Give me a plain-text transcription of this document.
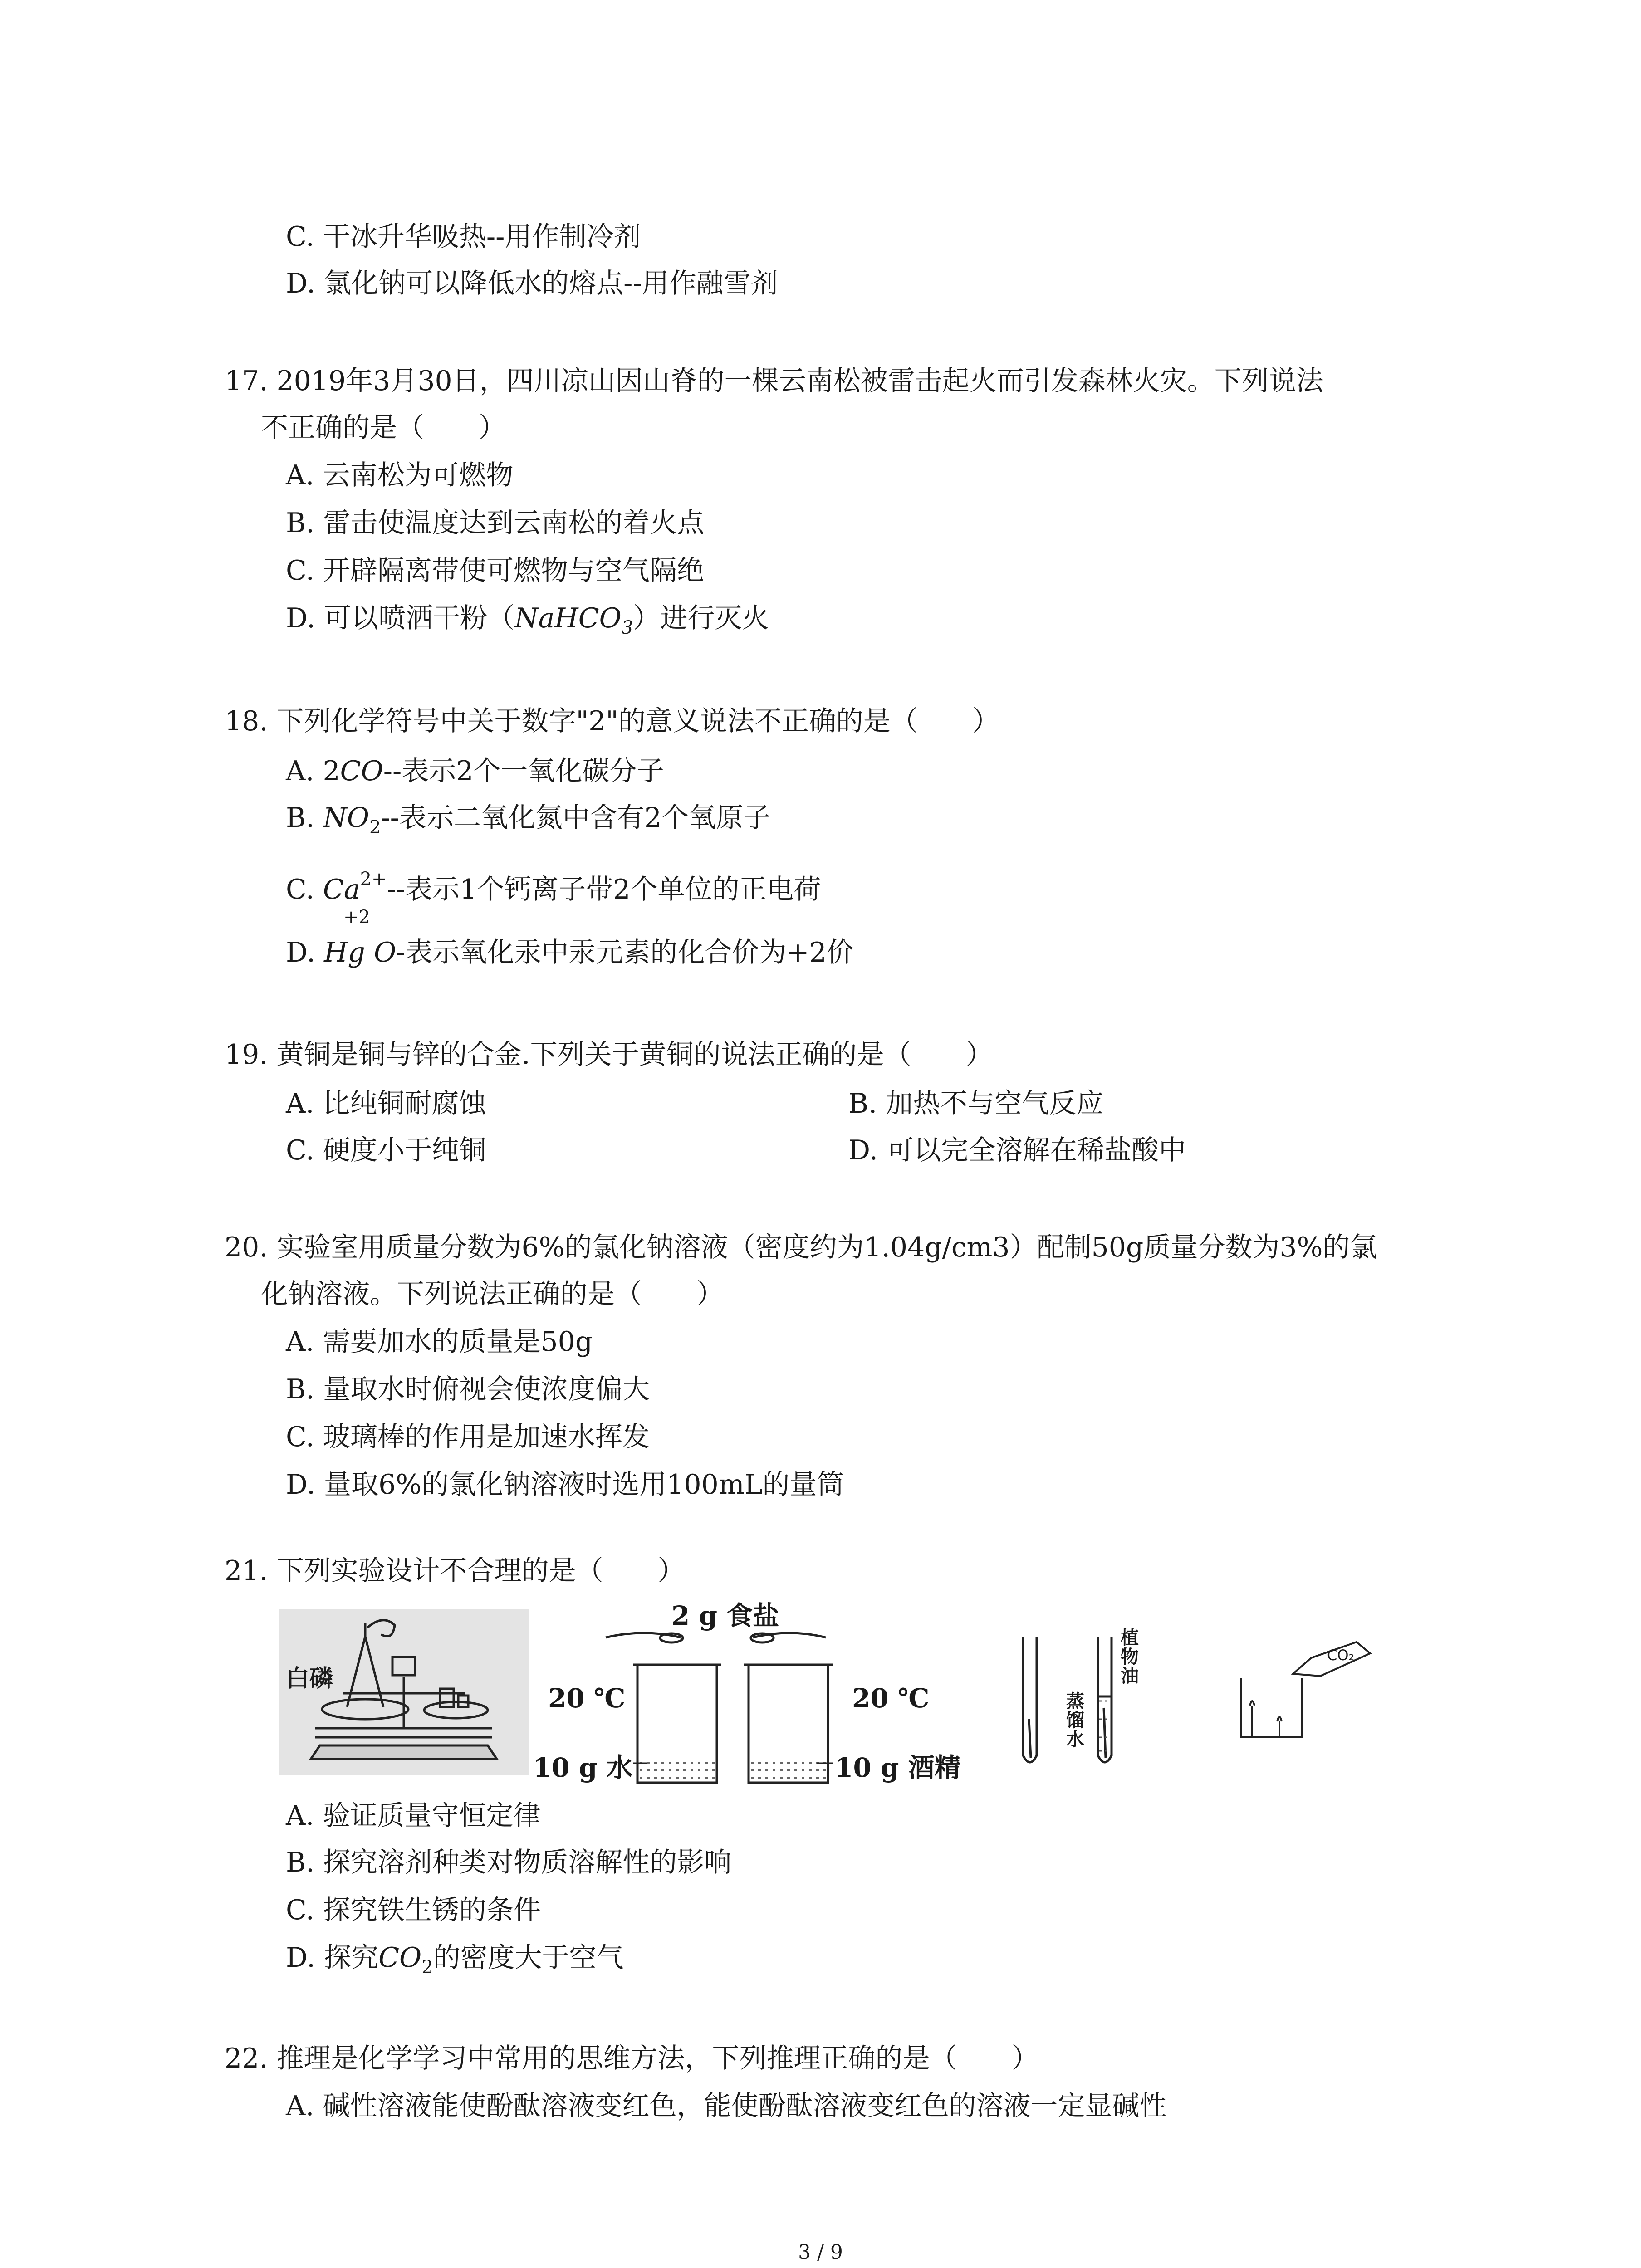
C. 干冰升华吸热--用作制冷剂
D. 氯化钠可以降低水的熔点--用作融雪剂
17. 2019年3月30日，四川凉山因山脊的一棵云南松被雷击起火而引发森林火灾。下列说法
不正确的是（　　）
A. 云南松为可燃物
B. 雷击使温度达到云南松的着火点
C. 开辟隔离带使可燃物与空气隔绝
D. 可以喷洒干粉（NaHCO$_3$）进行灭火
18. 下列化学符号中关于数字"2"的意义说法不正确的是（　　）
A. 2CO--表示2个一氧化碳分子
B. $NO_2--$表示二氧化氮中含有2个氧原子
C. $Ca^{2+}--$表示1个钙离子带2个单位的正电荷
+2
D. Hg O-表示氧化汞中汞元素的化合价为+2价
19. 黄铜是铜与锌的合金.下列关于黄铜的说法正确的是（　　）
A. 比纯铜耐腐蚀	B. 加热不与空气反应
C. 硬度小于纯铜	D. 可以完全溶解在稀盐酸中
20. 实验室用质量分数为6%的氯化钠溶液（密度约为1.04g/cm3）配制50g质量分数为3%的氯
化钠溶液。下列说法正确的是（　　）
A. 需要加水的质量是50g
B. 量取水时俯视会使浓度偏大
C. 玻璃棒的作用是加速水挥发
D. 量取6%的氯化钠溶液时选用100mL的量筒
21. 下列实验设计不合理的是（　　）
白磷
2 g 食盐
20 ℃	20 ℃
10 g 水	10 g 酒精
植物油
蒸馏水
CO₂
A. 验证质量守恒定律
B. 探究溶剂种类对物质溶解性的影响
C. 探究铁生锈的条件
D. 探究$CO_2$的密度大于空气
22. 推理是化学学习中常用的思维方法，下列推理正确的是（　　）
A. 碱性溶液能使酚酞溶液变红色，能使酚酞溶液变红色的溶液一定显碱性
3 / 9
